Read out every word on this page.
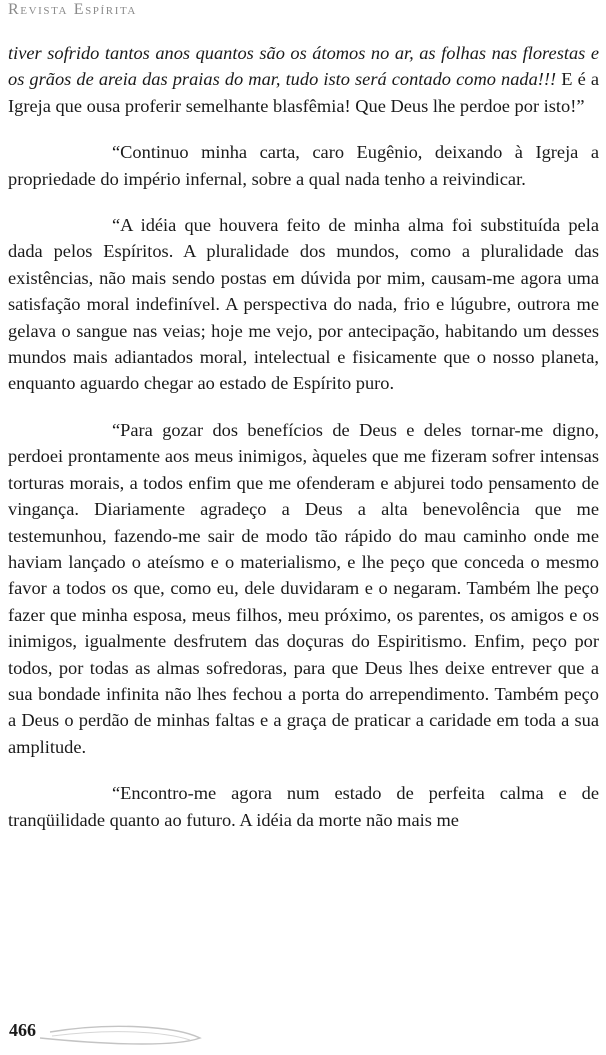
Revista Espírita

tiver sofrido tantos anos quantos são os átomos no ar, as folhas nas florestas e os grãos de areia das praias do mar, tudo isto será contado como nada!!! E é a Igreja que ousa proferir semelhante blasfêmia! Que Deus lhe perdoe por isto!”

“Continuo minha carta, caro Eugênio, deixando à Igreja a propriedade do império infernal, sobre a qual nada tenho a reivindicar.

“A idéia que houvera feito de minha alma foi substituída pela dada pelos Espíritos. A pluralidade dos mundos, como a pluralidade das existências, não mais sendo postas em dúvida por mim, causam-me agora uma satisfação moral indefinível. A perspectiva do nada, frio e lúgubre, outrora me gelava o sangue nas veias; hoje me vejo, por antecipação, habitando um desses mundos mais adiantados moral, intelectual e fisicamente que o nosso planeta, enquanto aguardo chegar ao estado de Espírito puro.

“Para gozar dos benefícios de Deus e deles tornar-me digno, perdoei prontamente aos meus inimigos, àqueles que me fizeram sofrer intensas torturas morais, a todos enfim que me ofenderam e abjurei todo pensamento de vingança. Diariamente agradeço a Deus a alta benevolência que me testemunhou, fazendo-me sair de modo tão rápido do mau caminho onde me haviam lançado o ateísmo e o materialismo, e lhe peço que conceda o mesmo favor a todos os que, como eu, dele duvidaram e o negaram. Também lhe peço fazer que minha esposa, meus filhos, meu próximo, os parentes, os amigos e os inimigos, igualmente desfrutem das doçuras do Espiritismo. Enfim, peço por todos, por todas as almas sofredoras, para que Deus lhes deixe entrever que a sua bondade infinita não lhes fechou a porta do arrependimento. Também peço a Deus o perdão de minhas faltas e a graça de praticar a caridade em toda a sua amplitude.

“Encontro-me agora num estado de perfeita calma e de tranqüilidade quanto ao futuro. A idéia da morte não mais me

466
